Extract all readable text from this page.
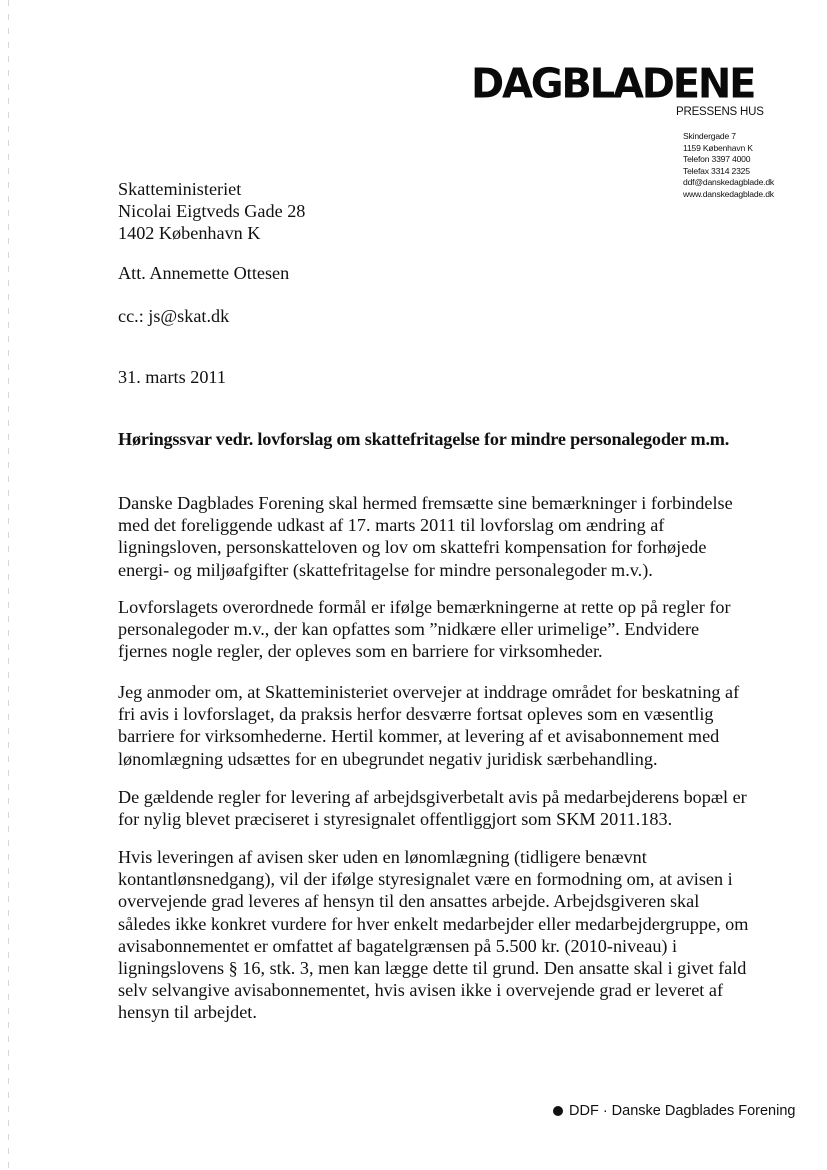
DAGBLADENE
PRESSENS HUS
Skindergade 7
1159 København K
Telefon 3397 4000
Telefax 3314 2325
ddf@danskedagblade.dk
www.danskedagblade.dk
Skatteministeriet
Nicolai Eigtveds Gade 28
1402 København K
Att. Annemette Ottesen
cc.: js@skat.dk
31. marts 2011
Høringssvar vedr. lovforslag om skattefritagelse for mindre personalegoder m.m.
Danske Dagblades Forening skal hermed fremsætte sine bemærkninger i forbindelse
med det foreliggende udkast af 17. marts 2011 til lovforslag om ændring af
ligningsloven, personskatteloven og lov om skattefri kompensation for forhøjede
energi- og miljøafgifter (skattefritagelse for mindre personalegoder m.v.).
Lovforslagets overordnede formål er ifølge bemærkningerne at rette op på regler for
personalegoder m.v., der kan opfattes som ”nidkære eller urimelige”. Endvidere
fjernes nogle regler, der opleves som en barriere for virksomheder.
Jeg anmoder om, at Skatteministeriet overvejer at inddrage området for beskatning af
fri avis i lovforslaget, da praksis herfor desværre fortsat opleves som en væsentlig
barriere for virksomhederne. Hertil kommer, at levering af et avisabonnement med
lønomlægning udsættes for en ubegrundet negativ juridisk særbehandling.
De gældende regler for levering af arbejdsgiverbetalt avis på medarbejderens bopæl er
for nylig blevet præciseret i styresignalet offentliggjort som SKM 2011.183.
Hvis leveringen af avisen sker uden en lønomlægning (tidligere benævnt
kontantlønsnedgang), vil der ifølge styresignalet være en formodning om, at avisen i
overvejende grad leveres af hensyn til den ansattes arbejde. Arbejdsgiveren skal
således ikke konkret vurdere for hver enkelt medarbejder eller medarbejdergruppe, om
avisabonnementet er omfattet af bagatelgrænsen på 5.500 kr. (2010-niveau) i
ligningslovens § 16, stk. 3, men kan lægge dette til grund. Den ansatte skal i givet fald
selv selvangive avisabonnementet, hvis avisen ikke i overvejende grad er leveret af
hensyn til arbejdet.
DDF · Danske Dagblades Forening
